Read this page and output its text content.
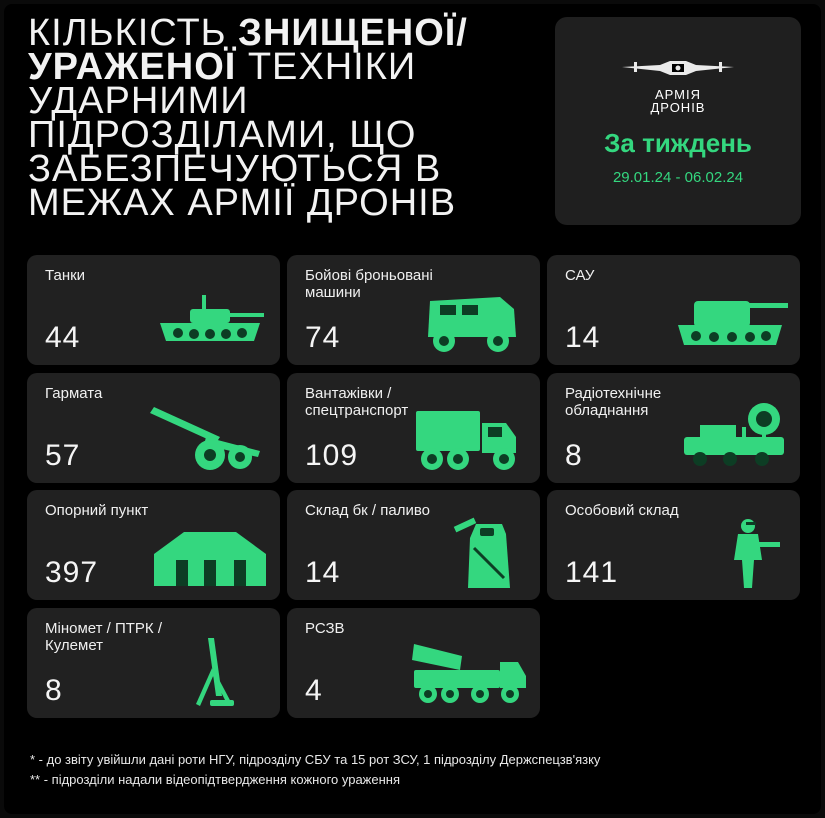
КІЛЬКІСТЬ ЗНИЩЕНОЇ/
УРАЖЕНОЇ ТЕХНІКИ
УДАРНИМИ
ПІДРОЗДІЛАМИ, ЩО
ЗАБЕЗПЕЧУЮТЬСЯ В
МЕЖАХ АРМІЇ ДРОНІВ
АРМІЯ
ДРОНІВ
За тиждень
29.01.24 - 06.02.24
Танки
44
Бойові броньовані машини
74
САУ
14
Гармата
57
Вантажівки / спецтранспорт
109
Радіотехнічне обладнання
8
Опорний пункт
397
Склад бк / паливо
14
Особовий склад
141
Міномет / ПТРК /Кулемет
8
РСЗВ
4
* - до звіту увійшли дані роти НГУ, підрозділу СБУ та 15 рот ЗСУ, 1 підрозділу Держспецзв'язку
** - підрозділи надали відеопідтвердження кожного ураження
